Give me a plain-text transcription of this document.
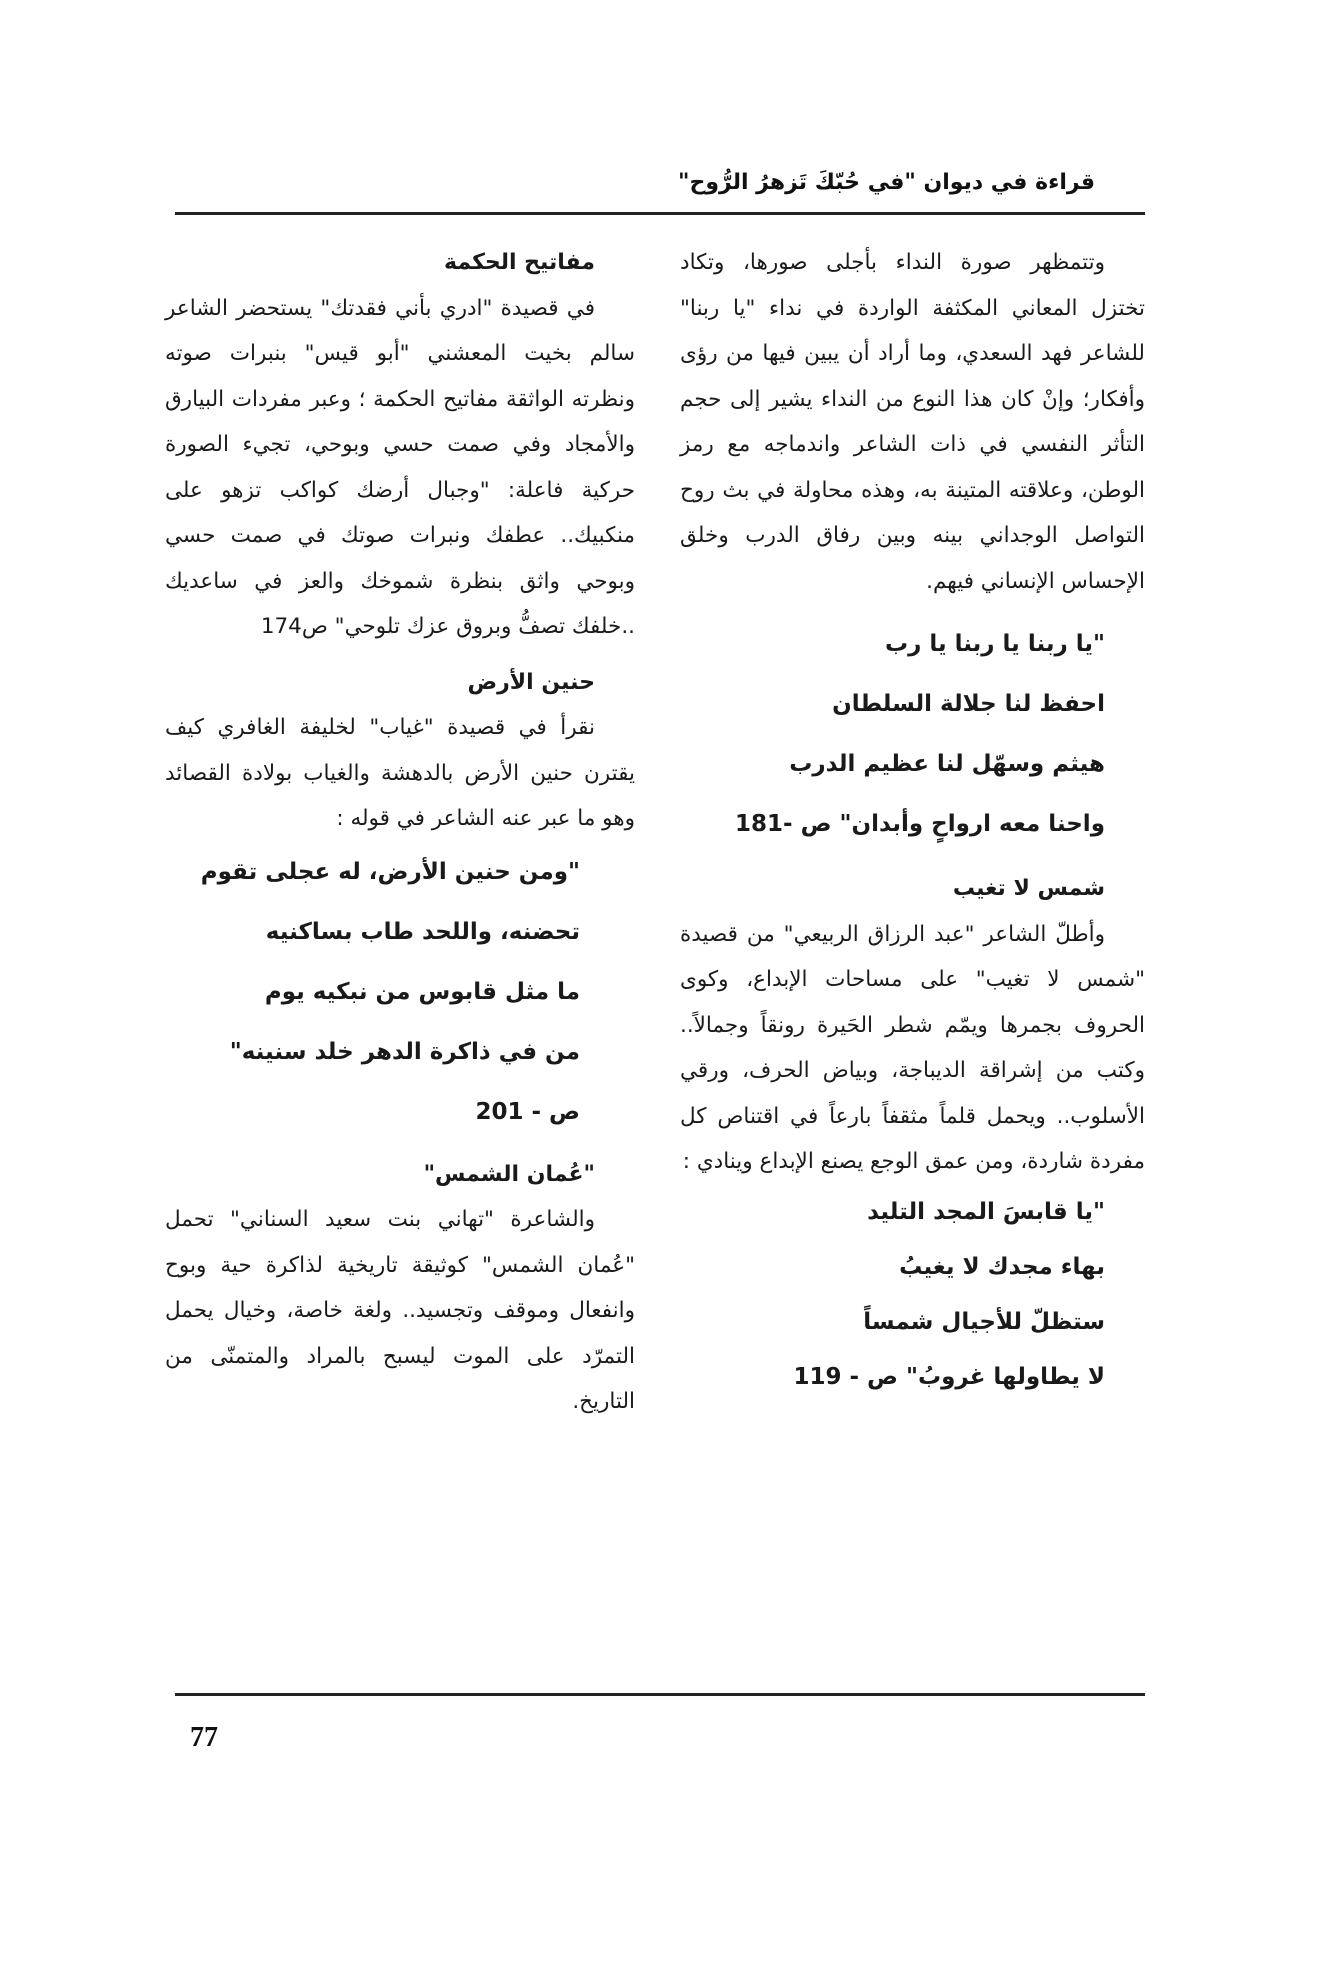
قراءة في ديوان "في حُبّكَ تَزهرُ الرُّوح"

وتتمظهر صورة النداء بأجلى صورها، وتكاد تختزل المعاني المكثفة الواردة في نداء "يا ربنا" للشاعر فهد السعدي، وما أراد أن يبين فيها من رؤى وأفكار؛ وإنْ كان هذا النوع من النداء يشير إلى حجم التأثر النفسي في ذات الشاعر واندماجه مع رمز الوطن، وعلاقته المتينة به، وهذه محاولة في بث روح التواصل الوجداني بينه وبين رفاق الدرب وخلق الإحساس الإنساني فيهم.

"يا ربنا يا ربنا يا رب

احفظ لنا جلالة السلطان

هيثم وسهّل لنا عظيم الدرب

واحنا معه ارواحٍ وأبدان" ص -181

شمس لا تغيب

وأطلّ الشاعر "عبد الرزاق الربيعي" من قصيدة "شمس لا تغيب" على مساحات الإبداع، وكوى الحروف بجمرها ويمّم شطر الحَيرة رونقاً وجمالاً.. وكتب من إشراقة الديباجة، وبياض الحرف، ورقي الأسلوب.. ويحمل قلماً مثقفاً بارعاً في اقتناص كل مفردة شاردة، ومن عمق الوجع يصنع الإبداع وينادي :

"يا قابسَ المجد التليد

بهاء مجدك لا يغيبُ

ستظلّ للأجيال شمساً

لا يطاولها غروبُ" ص - 119

مفاتيح الحكمة

في قصيدة "ادري بأني فقدتك" يستحضر الشاعر سالم بخيت المعشني "أبو قيس" بنبرات صوته ونظرته الواثقة مفاتيح الحكمة ؛ وعبر مفردات البيارق والأمجاد وفي صمت حسي وبوحي، تجيء الصورة حركية فاعلة: "وجبال أرضك كواكب تزهو على منكبيك.. عطفك ونبرات صوتك في صمت حسي وبوحي واثق بنظرة شموخك والعز في ساعديك ..خلفك تصفُّ وبروق عزك تلوحي" ص174

حنين الأرض

نقرأ في قصيدة "غياب" لخليفة الغافري كيف يقترن حنين الأرض بالدهشة والغياب بولادة القصائد وهو ما عبر عنه الشاعر في قوله :

"ومن حنين الأرض، له عجلى تقوم

تحضنه، واللحد طاب بساكنيه

ما مثل قابوس من نبكيه يوم

من في ذاكرة الدهر خلد سنينه"

ص - 201

"عُمان الشمس"

والشاعرة "تهاني بنت سعيد السناني" تحمل "عُمان الشمس" كوثيقة تاريخية لذاكرة حية وبوح وانفعال وموقف وتجسيد.. ولغة خاصة، وخيال يحمل التمرّد على الموت ليسبح بالمراد والمتمنّى من التاريخ.

77
